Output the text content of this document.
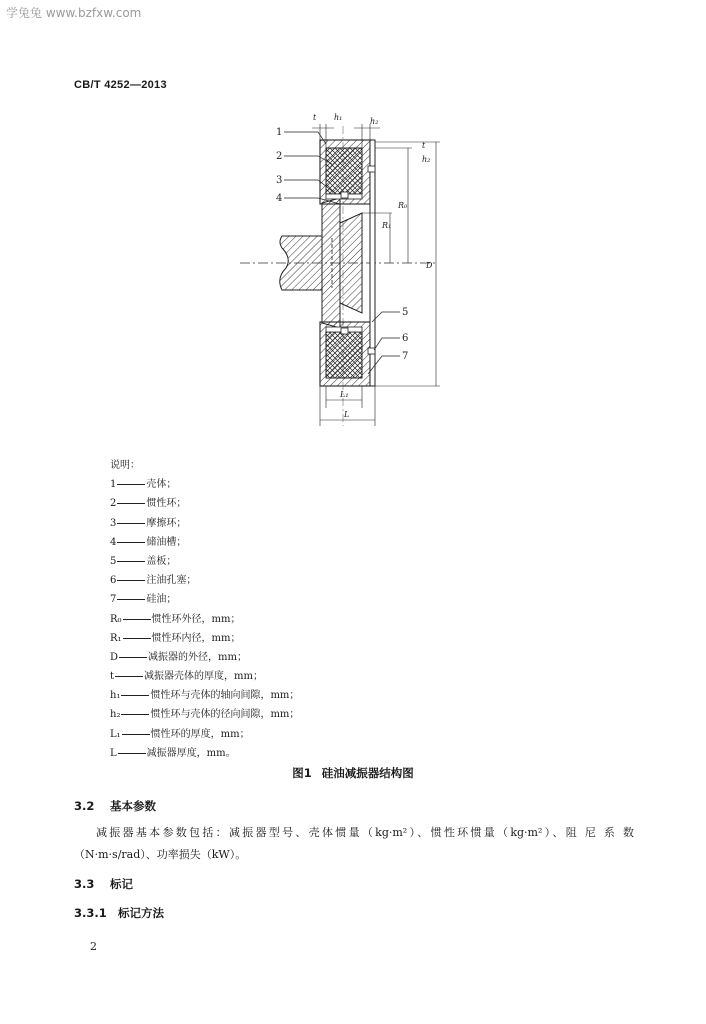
学兔兔 www.bzfxw.com
CB/T 4252—2013
1
2
3
4
5
6
7
t h₁	h₂
t
h₂
R₀
R₁
D
L₁
L
说明：
1	壳体；
2	惯性环；
3	摩擦环；
4	储油槽；
5	盖板；
6	注油孔塞；
7	硅油；
R₀	惯性环外径，mm；
R₁	惯性环内径，mm；
D	减振器的外径，mm；
t	减振器壳体的厚度，mm；
h₁	惯性环与壳体的轴向间隙，mm；
h₂	惯性环与壳体的径向间隙，mm；
L₁	惯性环的厚度，mm；
L	减振器厚度，mm。
图1 硅油减振器结构图
3.2 基本参数
减振器基本参数包括：减振器型号、壳体惯量（kg·m²）、惯性环惯量（kg·m²）、阻 尼 系 数
（N·m·s/rad）、功率损失（kW）。
3.3 标记
3.3.1 标记方法
2
